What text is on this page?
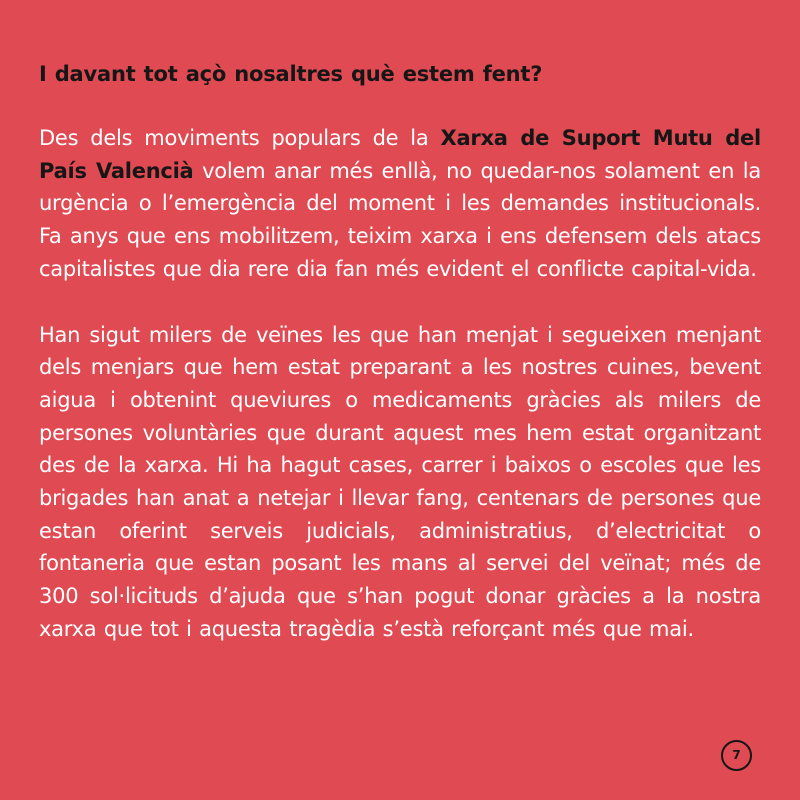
I davant tot açò nosaltres què estem fent?

Des dels moviments populars de la Xarxa de Suport Mutu del País Valencià volem anar més enllà, no quedar-nos solament en la urgència o l’emergència del moment i les demandes institucionals. Fa anys que ens mobilitzem, teixim xarxa i ens defensem dels atacs capitalistes que dia rere dia fan més evident el conflicte capital-vida.

Han sigut milers de veïnes les que han menjat i segueixen menjant dels menjars que hem estat preparant a les nostres cuines, bevent aigua i obtenint queviures o medicaments gràcies als milers de persones voluntàries que durant aquest mes hem estat organitzant des de la xarxa. Hi ha hagut cases, carrer i baixos o escoles que les brigades han anat a netejar i llevar fang, centenars de persones que estan oferint serveis judicials, administratius, d’electricitat o fontaneria que estan posant les mans al servei del veïnat; més de 300 sol·licituds d’ajuda que s’han pogut donar gràcies a la nostra xarxa que tot i aquesta tragèdia s’està reforçant més que mai.

7
